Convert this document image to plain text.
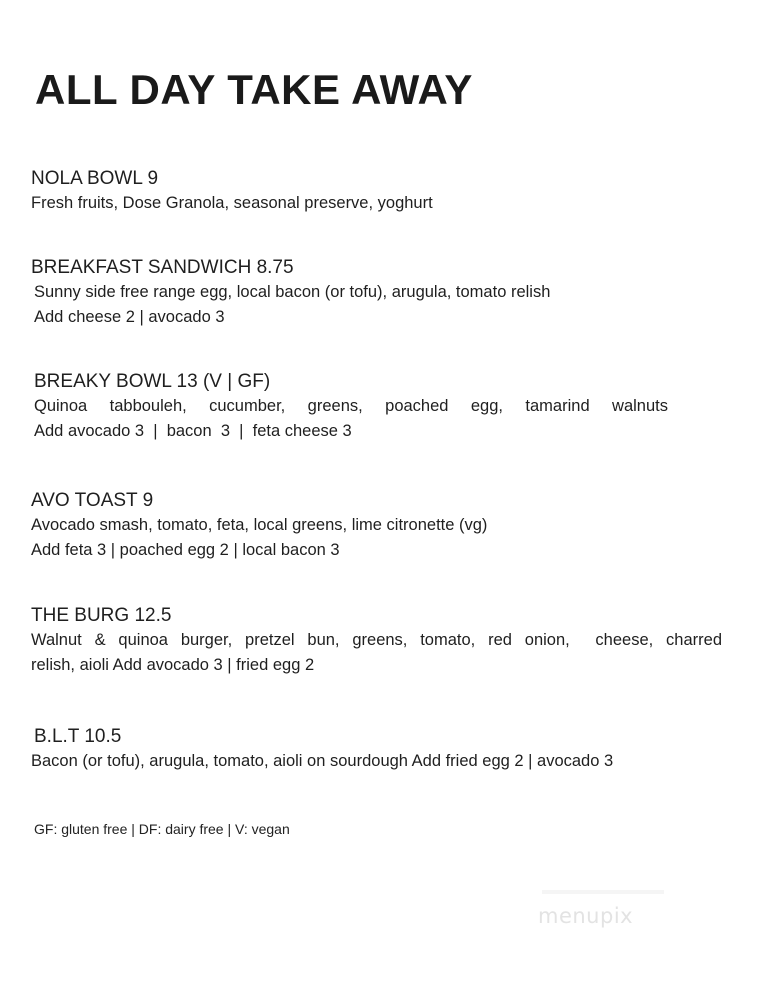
ALL DAY TAKE AWAY
NOLA BOWL 9
Fresh fruits, Dose Granola, seasonal preserve, yoghurt
BREAKFAST SANDWICH 8.75
Sunny side free range egg, local bacon (or tofu), arugula, tomato relish
Add cheese 2 | avocado 3
BREAKY BOWL 13 (V | GF)
Quinoa tabbouleh, cucumber, greens, poached egg, tamarind walnuts
Add avocado 3  |  bacon  3  |  feta cheese 3
AVO TOAST 9
Avocado smash, tomato, feta, local greens, lime citronette (vg)
Add feta 3 | poached egg 2 | local bacon 3
THE BURG 12.5
Walnut & quinoa burger, pretzel bun, greens, tomato, red onion,  cheese, charred
relish, aioli Add avocado 3 | fried egg 2
B.L.T 10.5
Bacon (or tofu), arugula, tomato, aioli on sourdough Add fried egg 2 | avocado 3
GF: gluten free | DF: dairy free | V: vegan
menupix
